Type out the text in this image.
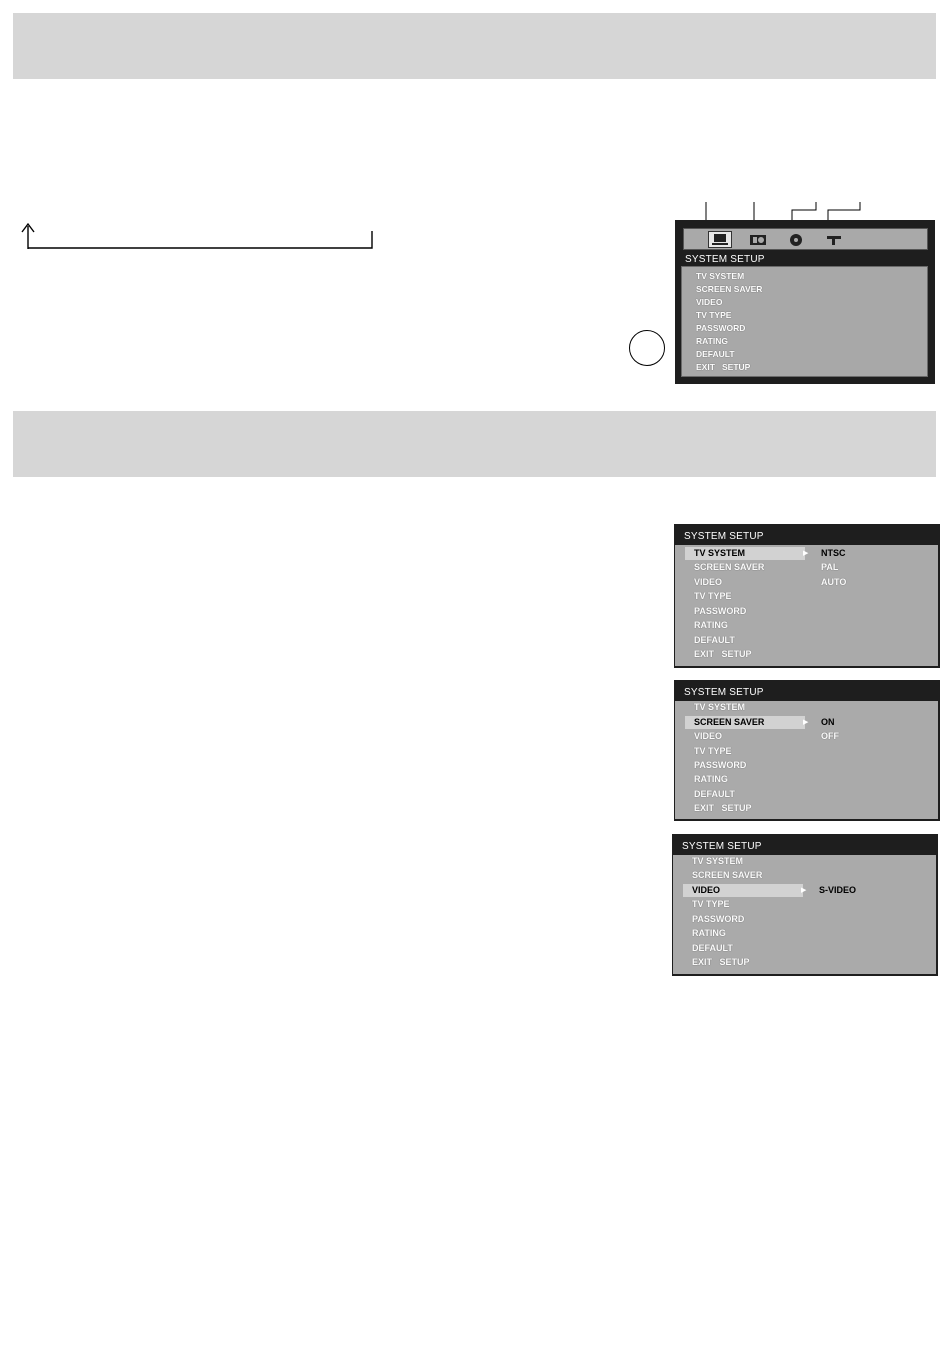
SYSTEM SETUP
TV SYSTEM
SCREEN SAVER
VIDEO
TV TYPE
PASSWORD
RATING
DEFAULT
EXIT   SETUP
SYSTEM SETUP
TV SYSTEM
SCREEN SAVER
VIDEO
TV TYPE
PASSWORD
RATING
DEFAULT
EXIT   SETUP
▶ NTSC
PAL
AUTO
SYSTEM SETUP
TV SYSTEM
SCREEN SAVER
VIDEO
TV TYPE
PASSWORD
RATING
DEFAULT
EXIT   SETUP
▶ ON
OFF
SYSTEM SETUP
TV SYSTEM
SCREEN SAVER
VIDEO
TV TYPE
PASSWORD
RATING
DEFAULT
EXIT   SETUP
▶ S-VIDEO
